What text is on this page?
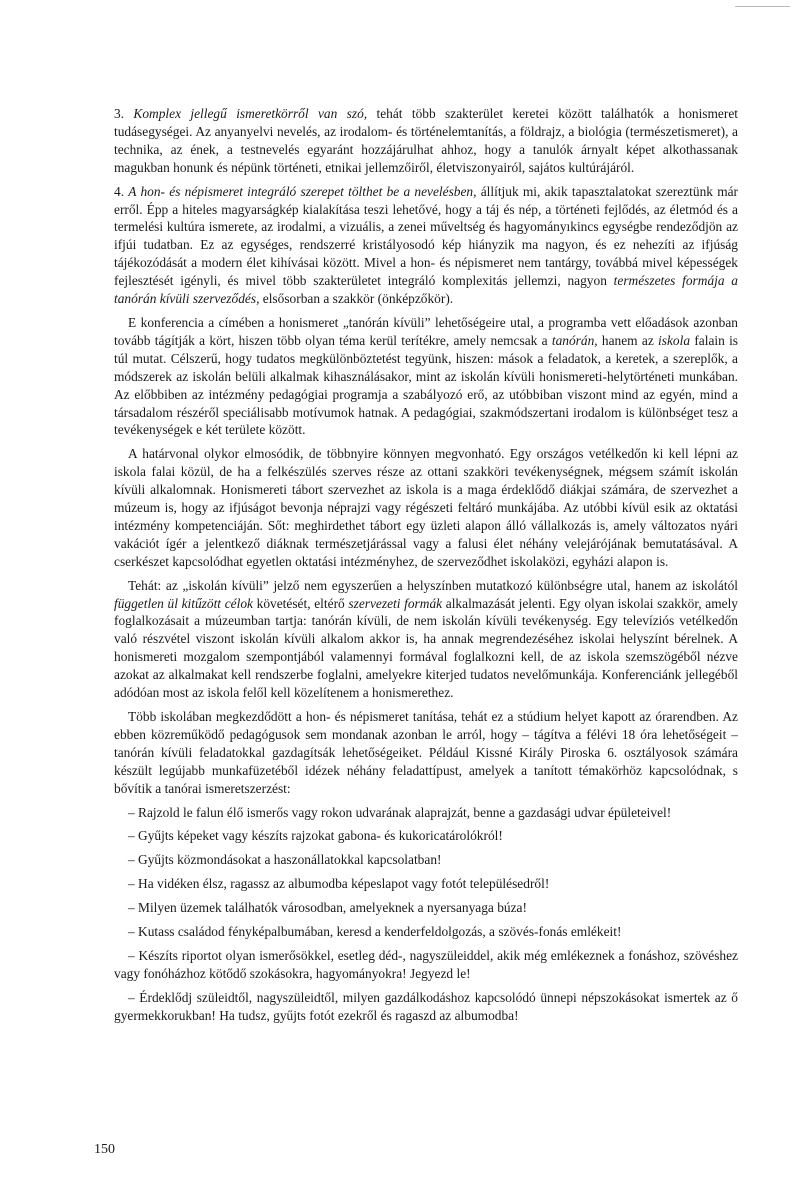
3. Komplex jellegű ismeretkörről van szó, tehát több szakterület keretei között találhatók a honismeret tudásegységei. Az anyanyelvi nevelés, az irodalom- és történelemtanítás, a földrajz, a biológia (természetismeret), a technika, az ének, a testnevelés egyaránt hozzájárulhat ahhoz, hogy a tanulók árnyalt képet alkothassanak magukban honunk és népünk történeti, etnikai jellemzőiről, életviszonyairól, sajátos kultúrájáról.

4. A hon- és népismeret integráló szerepet tölthet be a nevelésben, állítjuk mi, akik tapasztalatokat szereztünk már erről. Épp a hiteles magyarságkép kialakítása teszi lehetővé, hogy a táj és nép, a történeti fejlődés, az életmód és a termelési kultúra ismerete, az irodalmi, a vizuális, a zenei műveltség és hagyományıkincs egységbe rendeződjön az ifjúi tudatban. Ez az egységes, rendszerré kristályosodó kép hiányzik ma nagyon, és ez nehezíti az ifjúság tájékozódását a modern élet kihívásai között. Mivel a hon- és népismeret nem tantárgy, továbbá mivel képességek fejlesztését igényli, és mivel több szakterületet integráló komplexitás jellemzi, nagyon természetes formája a tanórán kívüli szerveződés, elsősorban a szakkör (önképzőkör).

E konferencia a címében a honismeret „tanórán kívüli” lehetőségeire utal, a programba vett előadások azonban tovább tágítják a kört, hiszen több olyan téma kerül terítékre, amely nemcsak a tanórán, hanem az iskola falain is túl mutat. Célszerű, hogy tudatos megkülönböztetést tegyünk, hiszen: mások a feladatok, a keretek, a szereplők, a módszerek az iskolán belüli alkalmak kihasználásakor, mint az iskolán kívüli honismereti-helytörténeti munkában. Az előbbiben az intézmény pedagógiai programja a szabályozó erő, az utóbbiban viszont mind az egyén, mind a társadalom részéről speciálisabb motívumok hatnak. A pedagógiai, szakmódszertani irodalom is különbséget tesz a tevékenységek e két területe között.

A határvonal olykor elmosódik, de többnyire könnyen megvonható. Egy országos vetélkedőn ki kell lépni az iskola falai közül, de ha a felkészülés szerves része az ottani szakköri tevékenységnek, mégsem számít iskolán kívüli alkalomnak. Honismereti tábort szervezhet az iskola is a maga érdeklődő diákjai számára, de szervezhet a múzeum is, hogy az ifjúságot bevonja néprajzi vagy régészeti feltáró munkájába. Az utóbbi kívül esik az oktatási intézmény kompetenciáján. Sőt: meghirdethet tábort egy üzleti alapon álló vállalkozás is, amely változatos nyári vakációt ígér a jelentkező diáknak természetjárással vagy a falusi élet néhány velejárójának bemutatásával. A cserkészet kapcsolódhat egyetlen oktatási intézményhez, de szerveződhet iskolaközi, egyházi alapon is.

Tehát: az „iskolán kívüli” jelző nem egyszerűen a helyszínben mutatkozó különbségre utal, hanem az iskolától független ül kitűzött célok követését, eltérő szervezeti formák alkalmazását jelenti. Egy olyan iskolai szakkör, amely foglalkozásait a múzeumban tartja: tanórán kívüli, de nem iskolán kívüli tevékenység. Egy televíziós vetélkedőn való részvétel viszont iskolán kívüli alkalom akkor is, ha annak megrendezéséhez iskolai helyszínt bérelnek. A honismereti mozgalom szempontjából valamennyi formával foglalkozni kell, de az iskola szemszögéből nézve azokat az alkalmakat kell rendszerbe foglalni, amelyekre kiterjed tudatos nevelőmunkája. Konferenciánk jellegéből adódóan most az iskola felől kell közelítenem a honismerethez.

Több iskolában megkezdődött a hon- és népismeret tanítása, tehát ez a stúdium helyet kapott az órarendben. Az ebben közreműködő pedagógusok sem mondanak azonban le arról, hogy – tágítva a félévi 18 óra lehetőségeit – tanórán kívüli feladatokkal gazdagítsák lehetőségeiket. Például Kissné Király Piroska 6. osztályosok számára készült legújabb munkafüzetéből idézek néhány feladattípust, amelyek a tanított témakörhöz kapcsolódnak, s bővítik a tanórai ismeretszerzést:

– Rajzold le falun élő ismerős vagy rokon udvarának alaprajzát, benne a gazdasági udvar épületeivel!

– Gyűjts képeket vagy készíts rajzokat gabona- és kukoricatárolókról!

– Gyűjts közmondásokat a haszonállatokkal kapcsolatban!

– Ha vidéken élsz, ragassz az albumodba képeslapot vagy fotót településedről!

– Milyen üzemek találhatók városodban, amelyeknek a nyersanyaga búza!

– Kutass családod fényképalbumában, keresd a kenderfeldolgozás, a szövés-fonás emlékeit!

– Készíts riportot olyan ismerősökkel, esetleg déd-, nagyszüleiddel, akik még emlékeznek a fonáshoz, szövéshez vagy fonóházhoz kötődő szokásokra, hagyományokra! Jegyezd le!

– Érdeklődj szüleidtől, nagyszüleidtől, milyen gazdálkodáshoz kapcsolódó ünnepi népszokásokat ismertek az ő gyermekkorukban! Ha tudsz, gyűjts fotót ezekről és ragaszd az albumodba!

150
